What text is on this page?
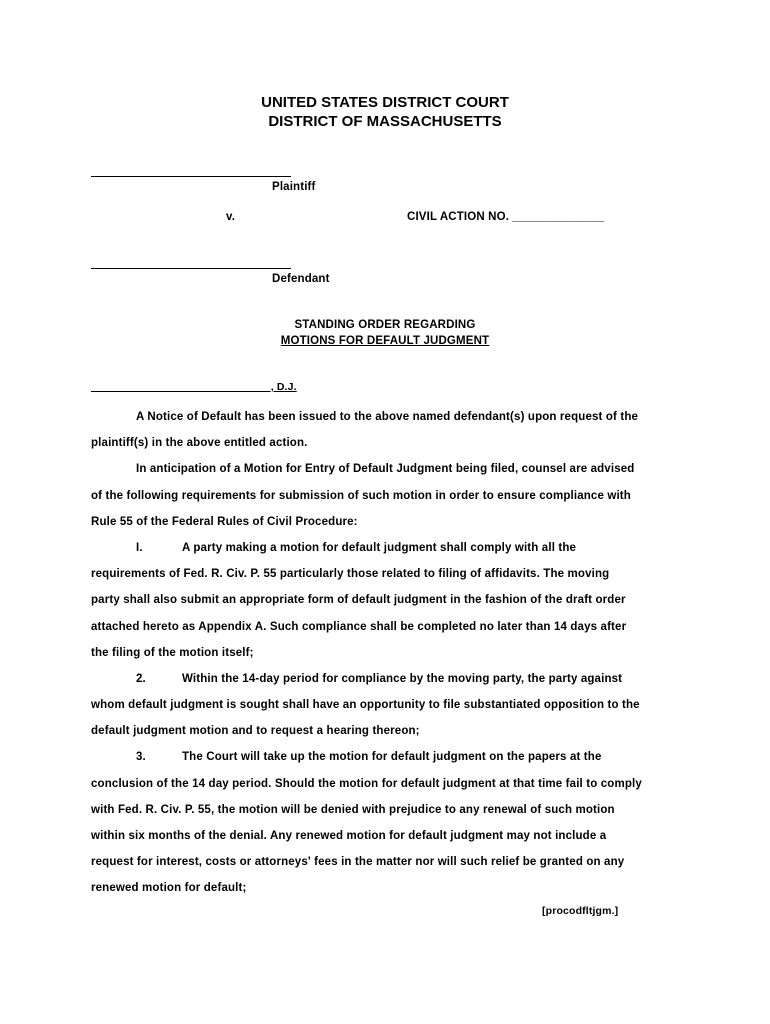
UNITED STATES DISTRICT COURT
DISTRICT OF MASSACHUSETTS
Plaintiff
v.	CIVIL ACTION NO. ______________
Defendant
STANDING ORDER REGARDING
MOTIONS FOR DEFAULT JUDGMENT
______________________________, D.J.
A Notice of Default has been issued to the above named defendant(s) upon request of the
plaintiff(s) in the above entitled action.
In anticipation of a Motion for Entry of Default Judgment being filed, counsel are advised
of the following requirements for submission of such motion in order to ensure compliance with
Rule 55 of the Federal Rules of Civil Procedure:
I.	A party making a motion for default judgment shall comply with all the
requirements of Fed. R. Civ. P. 55 particularly those related to filing of affidavits. The moving
party shall also submit an appropriate form of default judgment in the fashion of the draft order
attached hereto as Appendix A. Such compliance shall be completed no later than 14 days after
the filing of the motion itself;
2.	Within the 14-day period for compliance by the moving party, the party against
whom default judgment is sought shall have an opportunity to file substantiated opposition to the
default judgment motion and to request a hearing thereon;
3.	The Court will take up the motion for default judgment on the papers at the
conclusion of the 14 day period. Should the motion for default judgment at that time fail to comply
with Fed. R. Civ. P. 55, the motion will be denied with prejudice to any renewal of such motion
within six months of the denial. Any renewed motion for default judgment may not include a
request for interest, costs or attorneys' fees in the matter nor will such relief be granted on any
renewed motion for default;
[procodfltjgm.]
